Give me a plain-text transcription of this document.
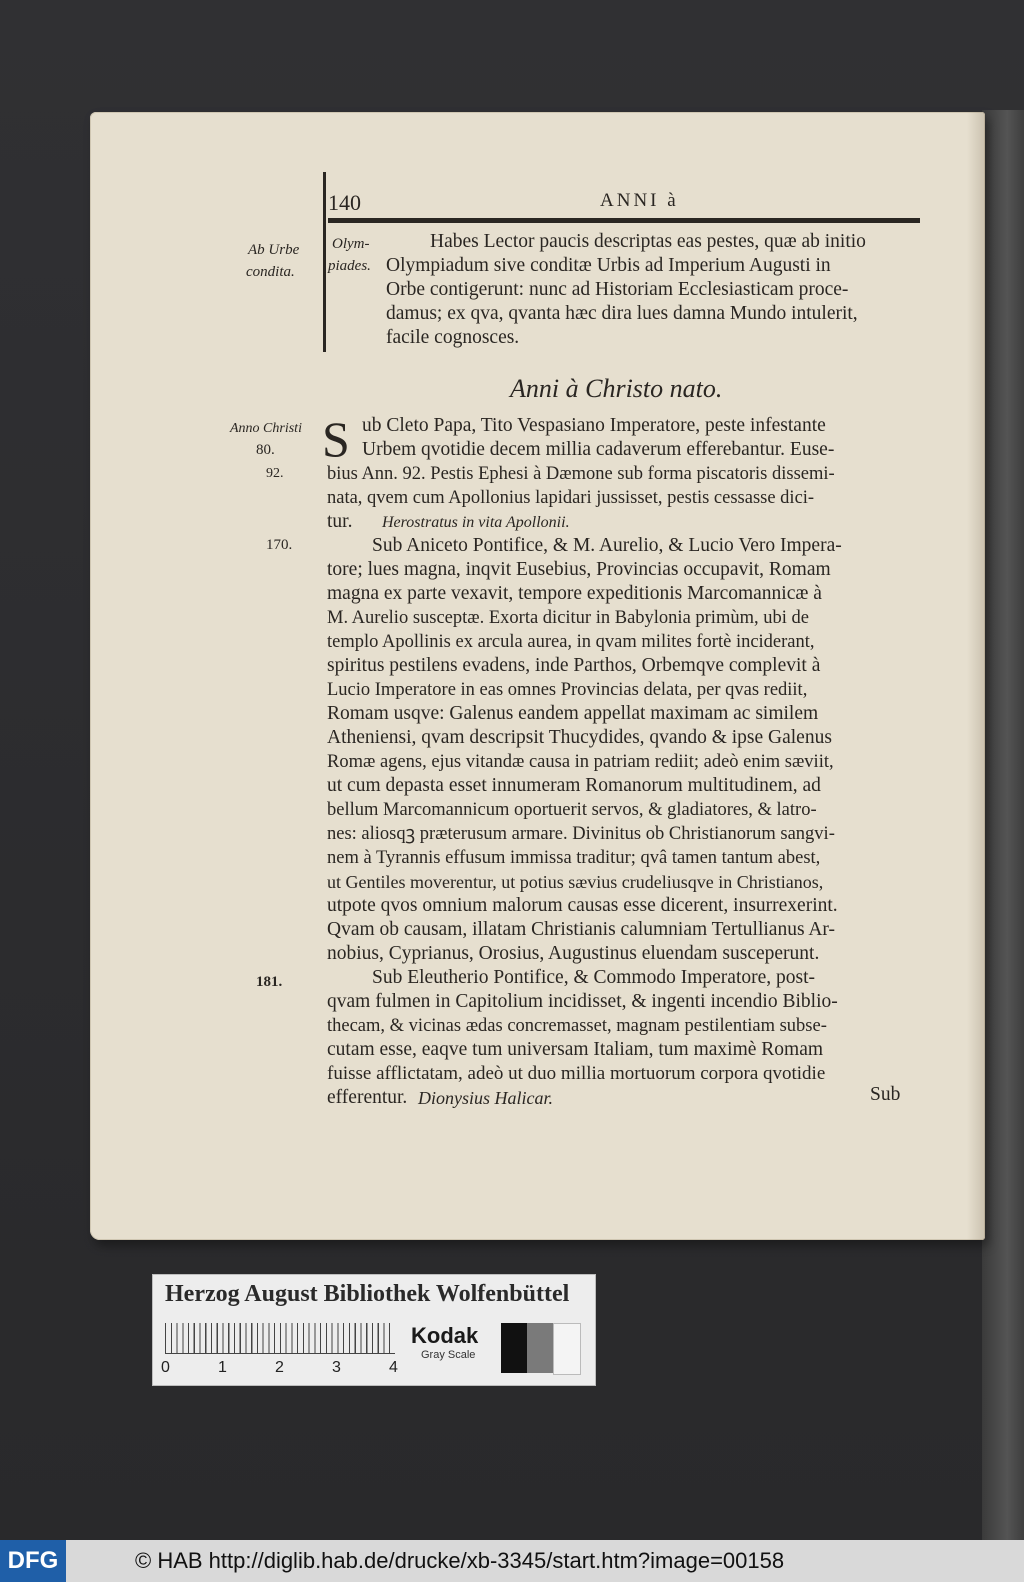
140	ANNI à
Ab Urbe
condita.
Olym-
piades.
Habes Lector paucis descriptas eas pestes, quæ ab initio
Olympiadum sive conditæ Urbis ad Imperium Augusti in
Orbe contigerunt: nunc ad Historiam Ecclesiasticam proce-
damus; ex qva, qvanta hæc dira lues damna Mundo intulerit,
facile cognosces.
Anni à Christo nato.
Anno Christi
80.
92.
170.
181.
S ub Cleto Papa, Tito Vespasiano Imperatore, peste infestante
Urbem qvotidie decem millia cadaverum efferebantur. Euse-
bius Ann. 92. Pestis Ephesi à Dæmone sub forma piscatoris dissemi-
nata, qvem cum Apollonius lapidari jussisset, pestis cessasse dici-
tur. Herostratus in vita Apollonii.
Sub Aniceto Pontifice, & M. Aurelio, & Lucio Vero Impera-
tore; lues magna, inqvit Eusebius, Provincias occupavit, Romam
magna ex parte vexavit, tempore expeditionis Marcomannicæ à
M. Aurelio susceptæ. Exorta dicitur in Babylonia primùm, ubi de
templo Apollinis ex arcula aurea, in qvam milites fortè inciderant,
spiritus pestilens evadens, inde Parthos, Orbemqve complevit à
Lucio Imperatore in eas omnes Provincias delata, per qvas rediit,
Romam usqve: Galenus eandem appellat maximam ac similem
Atheniensi, qvam descripsit Thucydides, qvando & ipse Galenus
Romæ agens, ejus vitandæ causa in patriam rediit; adeò enim sæviit,
ut cum depasta esset innumeram Romanorum multitudinem, ad
bellum Marcomannicum oportuerit servos, & gladiatores, & latro-
nes: aliosqꝫ præterusum armare. Divinitus ob Christianorum sangvi-
nem à Tyrannis effusum immissa traditur; qvâ tamen tantum abest,
ut Gentiles moverentur, ut potius sævius crudeliusqve in Christianos,
utpote qvos omnium malorum causas esse dicerent, insurrexerint.
Qvam ob causam, illatam Christianis calumniam Tertullianus Ar-
nobius, Cyprianus, Orosius, Augustinus eluendam susceperunt.
Sub Eleutherio Pontifice, & Commodo Imperatore, post-
qvam fulmen in Capitolium incidisset, & ingenti incendio Biblio-
thecam, & vicinas ædas concremasset, magnam pestilentiam subse-
cutam esse, eaqve tum universam Italiam, tum maximè Romam
fuisse afflictatam, adeò ut duo millia mortuorum corpora qvotidie
efferentur. Dionysius Halicar.	Sub
Herzog August Bibliothek Wolfenbüttel
0	1	2	3	4
Kodak
Gray Scale
DFG	© HAB http://diglib.hab.de/drucke/xb-3345/start.htm?image=00158
